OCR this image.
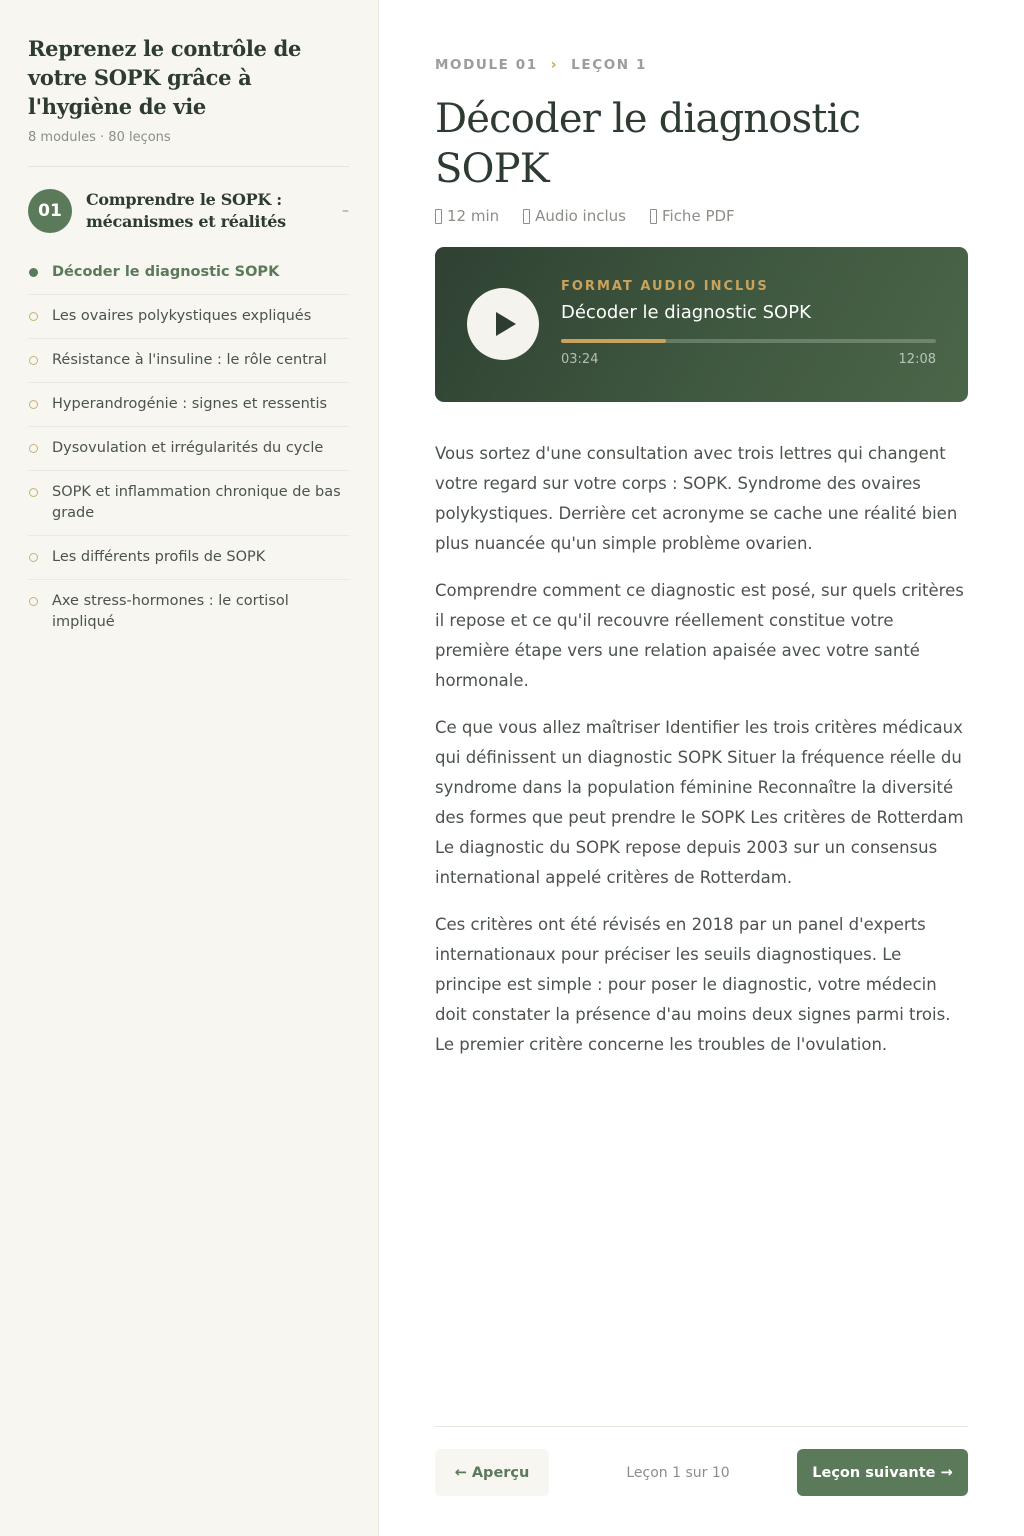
Reprenez le contrôle de votre SOPK grâce à l'hygiène de vie
8 modules · 80 leçons
01
Comprendre le SOPK : mécanismes et réalités
–
Décoder le diagnostic SOPK
Les ovaires polykystiques expliqués
Résistance à l'insuline : le rôle central
Hyperandrogénie : signes et ressentis
Dysovulation et irrégularités du cycle
SOPK et inflammation chronique de bas grade
Les différents profils de SOPK
Axe stress-hormones : le cortisol impliqué
MODULE 01 › LEÇON 1
Décoder le diagnostic SOPK
12 min Audio inclus Fiche PDF
FORMAT AUDIO INCLUS
Décoder le diagnostic SOPK
03:24	12:08

Vous sortez d'une consultation avec trois lettres qui changent votre regard sur votre corps : SOPK. Syndrome des ovaires polykystiques. Derrière cet acronyme se cache une réalité bien plus nuancée qu'un simple problème ovarien.

Comprendre comment ce diagnostic est posé, sur quels critères il repose et ce qu'il recouvre réellement constitue votre première étape vers une relation apaisée avec votre santé hormonale.

Ce que vous allez maîtriser Identifier les trois critères médicaux qui définissent un diagnostic SOPK Situer la fréquence réelle du syndrome dans la population féminine Reconnaître la diversité des formes que peut prendre le SOPK Les critères de Rotterdam Le diagnostic du SOPK repose depuis 2003 sur un consensus international appelé critères de Rotterdam.

Ces critères ont été révisés en 2018 par un panel d'experts internationaux pour préciser les seuils diagnostiques. Le principe est simple : pour poser le diagnostic, votre médecin doit constater la présence d'au moins deux signes parmi trois. Le premier critère concerne les troubles de l'ovulation.

← Aperçu	Leçon 1 sur 10	Leçon suivante →
